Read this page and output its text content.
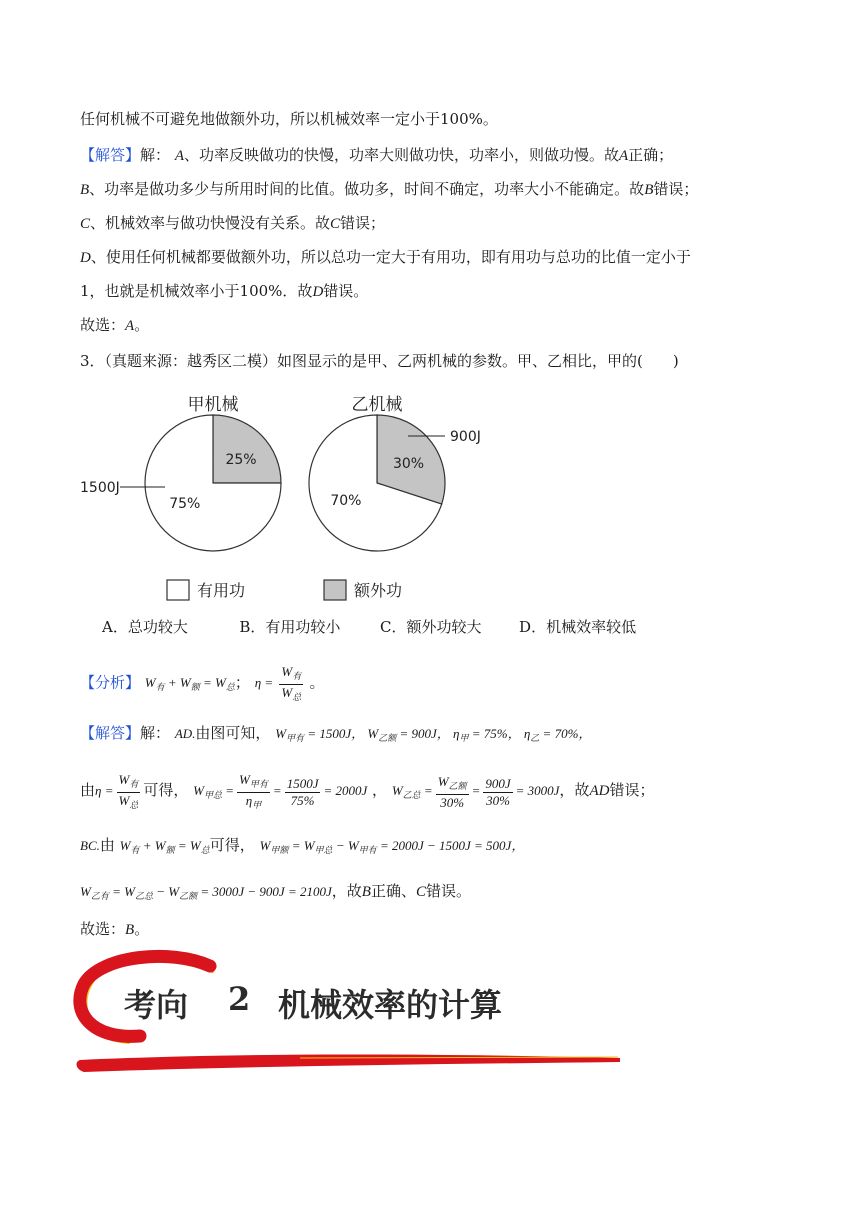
任何机械不可避免地做额外功，所以机械效率一定小于100%。
【解答】解： A、功率反映做功的快慢，功率大则做功快，功率小，则做功慢。故A正确；
B、功率是做功多少与所用时间的比值。做功多，时间不确定，功率大小不能确定。故B错误；
C、机械效率与做功快慢没有关系。故C错误；
D、使用任何机械都要做额外功，所以总功一定大于有用功，即有用功与总功的比值一定小于
1，也就是机械效率小于100%．故D错误。
故选：A。
3．（真题来源：越秀区二模）如图显示的是甲、乙两机械的参数。甲、乙相比，甲的(　　)
甲机械	乙机械
25%
75%
30%
70%
1500J
900J
有用功	额外功
A．总功较大	B．有用功较小	C．额外功较大	D．机械效率较低
【分析】 $W_有 + W_额 = W_总$； $\eta = \frac{W_有}{W_总}$ 。
【解答】解： AD.由图可知， $W_{甲有} = 1500J$， $W_{乙额} = 900J$， $\eta_甲 = 75\%$， $\eta_乙 = 70\%$，
由$\eta = \frac{W_有}{W_总}$ 可得， $W_{甲总} = \frac{W_{甲有}}{\eta_甲} = \frac{1500J}{75\%} = 2000J$ ， $W_{乙总} = \frac{W_{乙额}}{30\%} = \frac{900J}{30\%} = 3000J$，故AD错误；
BC.由 $W_有 + W_额 = W_总$可得， $W_{甲额} = W_{甲总} - W_{甲有} = 2000J - 1500J = 500J$，
$W_{乙有} = W_{乙总} - W_{乙额} = 3000J - 900J = 2100J$，故B正确、C错误。
故选：B。
考向 2 机械效率的计算
